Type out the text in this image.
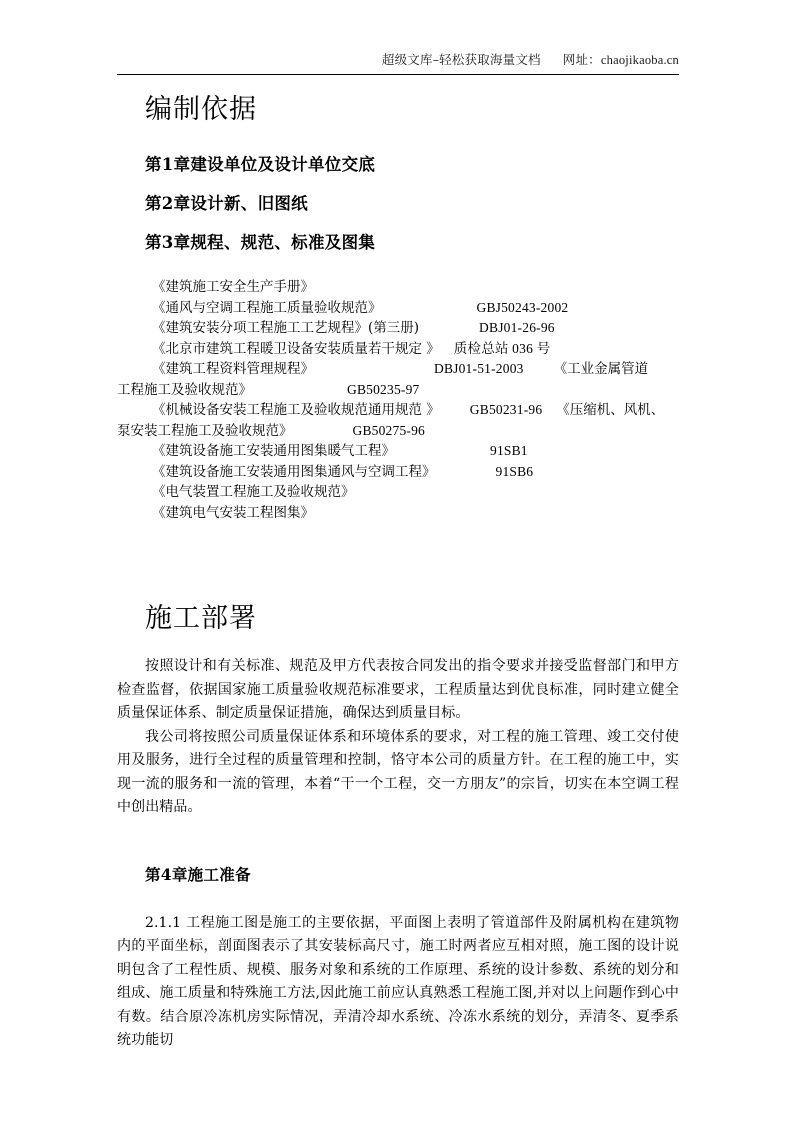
超级文库–轻松获取海量文档 网址：chaojikaoba.cn
编制依据
第1章建设单位及设计单位交底
第2章设计新、旧图纸
第3章规程、规范、标准及图集
《建筑施工安全生产手册》
《通风与空调工程施工质量验收规范》	GBJ50243-2002
《建筑安装分项工程施工工艺规程》(第三册)	DBJ01-26-96
《北京市建筑工程暖卫设备安装质量若干规定 》 质检总站 036 号
《建筑工程资料管理规程》	DBJ01-51-2003 《工业金属管道
工程施工及验收规范》	GB50235-97
《机械设备安装工程施工及验收规范通用规范 》 GB50231-96 《压缩机、风机、
泵安装工程施工及验收规范》	GB50275-96
《建筑设备施工安装通用图集暖气工程》	91SB1
《建筑设备施工安装通用图集通风与空调工程》	91SB6
《电气装置工程施工及验收规范》
《建筑电气安装工程图集》
施工部署

按照设计和有关标准、规范及甲方代表按合同发出的指令要求并接受监督部门和甲方检查监督，依据国家施工质量验收规范标准要求，工程质量达到优良标准，同时建立健全质量保证体系、制定质量保证措施，确保达到质量目标。

我公司将按照公司质量保证体系和环境体系的要求，对工程的施工管理、竣工交付使用及服务，进行全过程的质量管理和控制，恪守本公司的质量方针。在工程的施工中，实现一流的服务和一流的管理，本着“干一个工程，交一方朋友”的宗旨，切实在本空调工程中创出精品。

第4章施工准备

2.1.1 工程施工图是施工的主要依据，平面图上表明了管道部件及附属机构在建筑物内的平面坐标，剖面图表示了其安装标高尺寸，施工时两者应互相对照，施工图的设计说明包含了工程性质、规模、服务对象和系统的工作原理、系统的设计参数、系统的划分和组成、施工质量和特殊施工方法,因此施工前应认真熟悉工程施工图,并对以上问题作到心中有数。结合原冷冻机房实际情况，弄清冷却水系统、冷冻水系统的划分，弄清冬、夏季系统功能切
